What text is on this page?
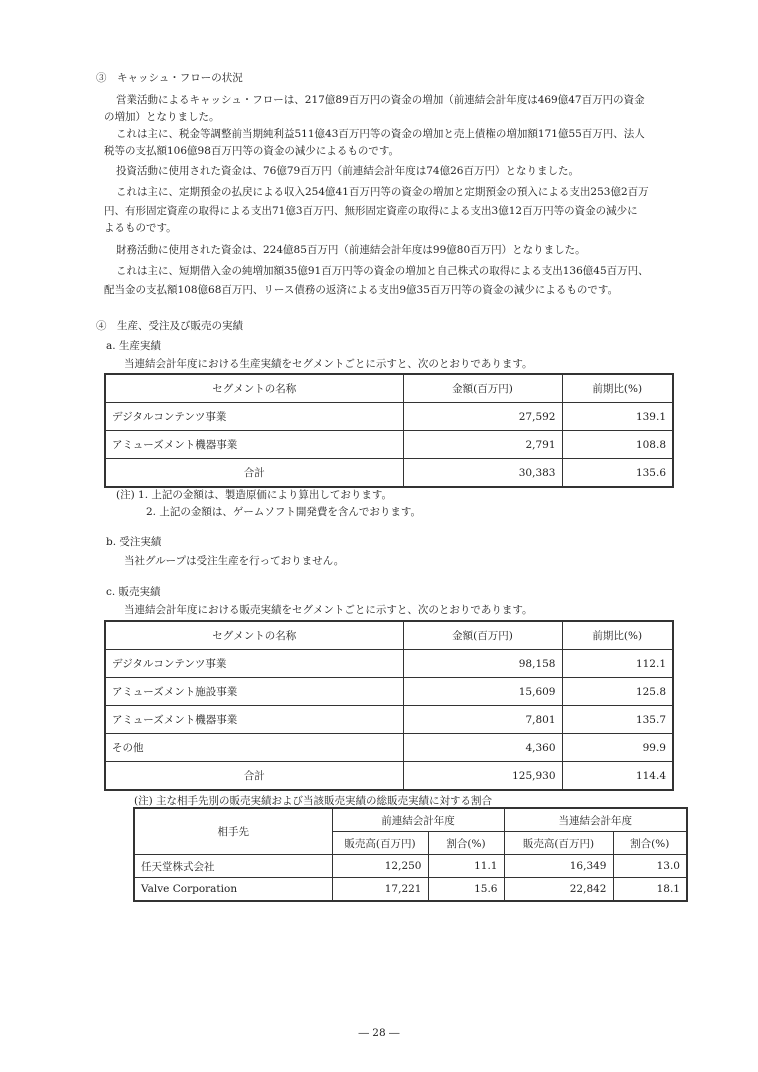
③　キャッシュ・フローの状況
営業活動によるキャッシュ・フローは、217億89百万円の資金の増加（前連結会計年度は469億47百万円の資金
の増加）となりました。
これは主に、税金等調整前当期純利益511億43百万円等の資金の増加と売上債権の増加額171億55百万円、法人
税等の支払額106億98百万円等の資金の減少によるものです。
投資活動に使用された資金は、76億79百万円（前連結会計年度は74億26百万円）となりました。
これは主に、定期預金の払戻による収入254億41百万円等の資金の増加と定期預金の預入による支出253億2百万
円、有形固定資産の取得による支出71億3百万円、無形固定資産の取得による支出3億12百万円等の資金の減少に
よるものです。
財務活動に使用された資金は、224億85百万円（前連結会計年度は99億80百万円）となりました。
これは主に、短期借入金の純増加額35億91百万円等の資金の増加と自己株式の取得による支出136億45百万円、
配当金の支払額108億68百万円、リース債務の返済による支出9億35百万円等の資金の減少によるものです。
④　生産、受注及び販売の実績
a. 生産実績
当連結会計年度における生産実績をセグメントごとに示すと、次のとおりであります。
セグメントの名称	金額(百万円)	前期比(%)
デジタルコンテンツ事業	27,592	139.1
アミューズメント機器事業	2,791	108.8
合計	30,383	135.6
(注) 1. 上記の金額は、製造原価により算出しております。
2. 上記の金額は、ゲームソフト開発費を含んでおります。
b. 受注実績
当社グループは受注生産を行っておりません。
c. 販売実績
当連結会計年度における販売実績をセグメントごとに示すと、次のとおりであります。
セグメントの名称	金額(百万円)	前期比(%)
デジタルコンテンツ事業	98,158	112.1
アミューズメント施設事業	15,609	125.8
アミューズメント機器事業	7,801	135.7
その他	4,360	99.9
合計	125,930	114.4
(注) 主な相手先別の販売実績および当該販売実績の総販売実績に対する割合
相手先	前連結会計年度		当連結会計年度	
	販売高(百万円)	割合(%)	販売高(百万円)	割合(%)
任天堂株式会社	12,250	11.1	16,349	13.0
Valve Corporation	17,221	15.6	22,842	18.1
― 28 ―
